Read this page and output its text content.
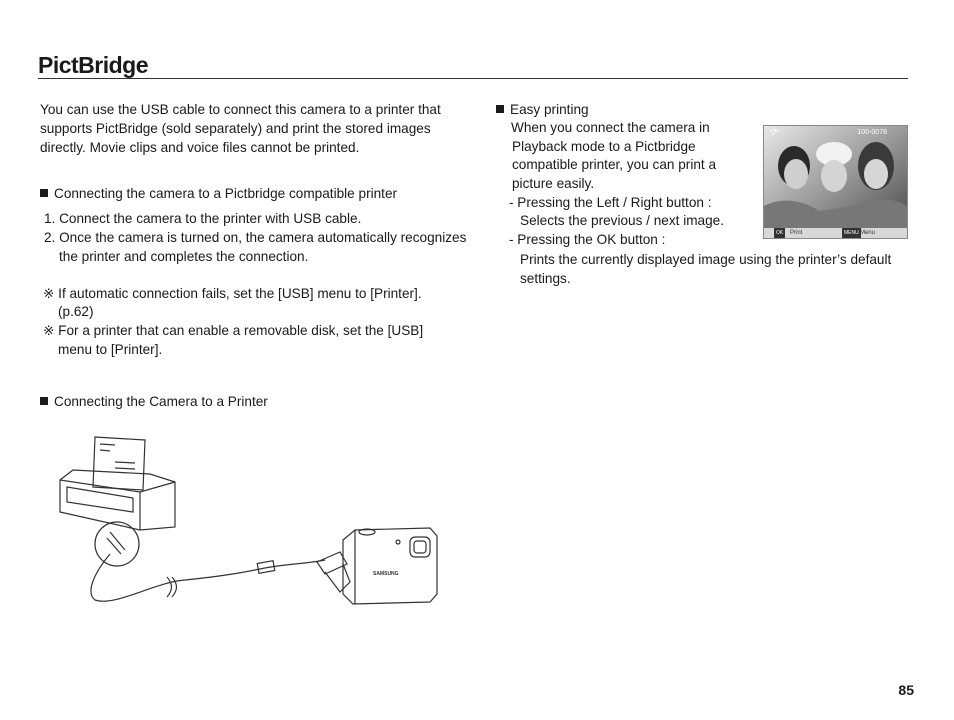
PictBridge
You can use the USB cable to connect this camera to a printer that
supports PictBridge (sold separately) and print the stored images
directly. Movie clips and voice files cannot be printed.
Connecting the camera to a Pictbridge compatible printer
1. Connect the camera to the printer with USB cable.
2. Once the camera is turned on, the camera automatically recognizes
the printer and completes the connection.
※ If automatic connection fails, set the [USB] menu to [Printer].
(p.62)
※ For a printer that can enable a removable disk, set the [USB]
menu to [Printer].
Connecting the Camera to a Printer
SAMSUNG
Easy printing
When you connect the camera in
Playback mode to a Pictbridge
compatible printer, you can print a
picture easily.
- Pressing the Left / Right button :
Selects the previous / next image.
- Pressing the OK button :
Prints the currently displayed image using the printer’s default
settings.
100-0078
OK	Print	MENU Menu
85
